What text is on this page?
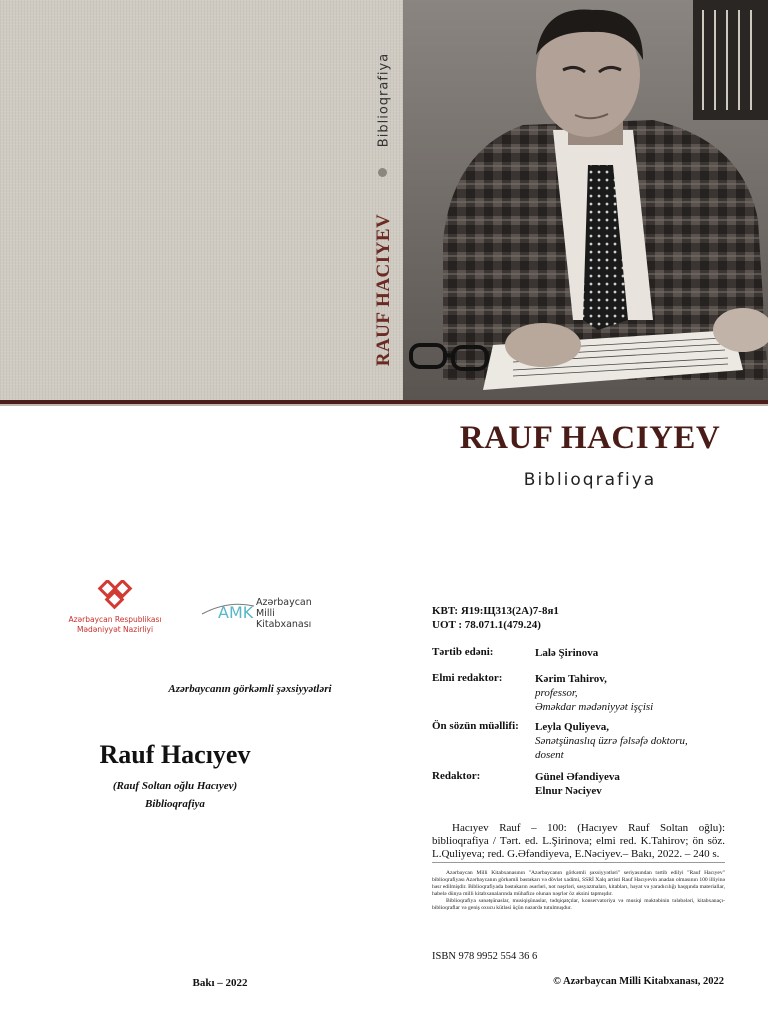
Biblioqrafiya
RAUF HACIYEV
RAUF HACIYEV
Biblioqrafiya
Azərbaycan Respublikası Mədəniyyət Nazirliyi
AMK
Azərbaycan Milli Kitabxanası
Azərbaycanın görkəmli şəxsiyyətləri
Rauf Hacıyev
(Rauf Soltan oğlu Hacıyev)
Biblioqrafiya
Bakı – 2022
KBT: Я19:Щ313(2A)7-8я1
UOT : 78.071.1(479.24)
Tərtib edəni:	Lalə Şirinova
Elmi redaktor:	Kərim Tahirov,
professor,
Əməkdar mədəniyyət işçisi
Ön sözün müəllifi: Leyla Quliyeva,
Sənətşünaslıq üzrə fəlsəfə doktoru,
dosent
Redaktor:	Günel Əfəndiyeva
Elnur Nəciyev
Hacıyev Rauf – 100: (Hacıyev Rauf Soltan oğlu): biblioqrafiya / Tərt. ed. L.Şirinova; elmi red. K.Tahirov; ön söz. L.Quliyeva; red. G.Əfəndiyeva, E.Nəciyev.– Bakı, 2022. – 240 s.

Azərbaycan Milli Kitabxanasının "Azərbaycanın görkəmli şəxsiyyətləri" seriyasından tərtib edilyi "Rauf Hacıyev" biblioqrafiyası Azərbaycanın görkəmli bəstəkarı və dövlət xadimi, SSRİ Xalq artisti Rauf Hacıyevin anadan olmasının 100 illiyinə həsr edilmişdir. Biblioqrafiyada bəstəkarın əsərləri, not nəşrləri, səsyazmaları, kitabları, həyat və yaradıcılığı haqqında materiallar, habelə dünya milli kitabxanalarında mühafizə olunan nəşrlər öz əksini tapmışdır.

Biblioqrafiya sənətşünaslar, musiqişünaslar, tədqiqatçılar, konservatoriya və musiqi məktəbinin tələbələri, kitabxanaçı-biblioqraflar və geniş oxucu kütləsi üçün nəzərdə tutulmuşdur.

ISBN 978 9952 554 36 6
© Azərbaycan Milli Kitabxanası, 2022
